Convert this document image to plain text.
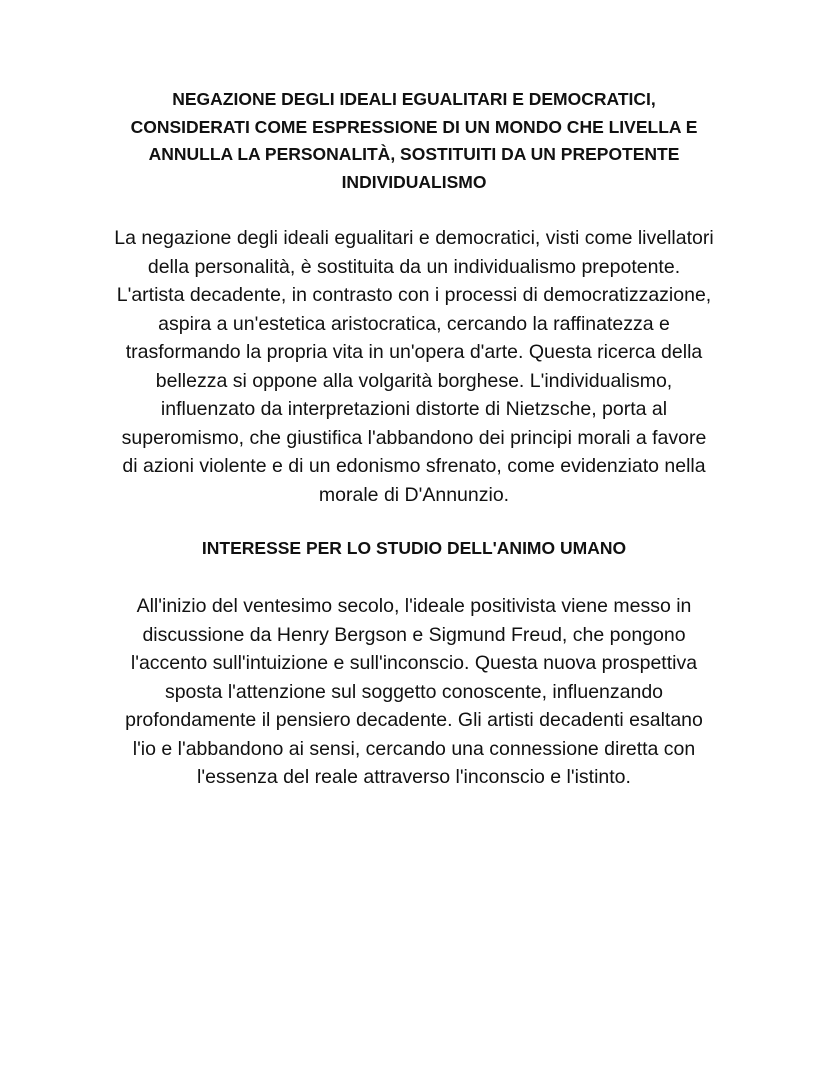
NEGAZIONE DEGLI IDEALI EGUALITARI E DEMOCRATICI,
CONSIDERATI COME ESPRESSIONE DI UN MONDO CHE LIVELLA E
ANNULLA LA PERSONALITÀ, SOSTITUITI DA UN PREPOTENTE
INDIVIDUALISMO
La negazione degli ideali egualitari e democratici, visti come livellatori
della personalità, è sostituita da un individualismo prepotente.
L'artista decadente, in contrasto con i processi di democratizzazione,
aspira a un'estetica aristocratica, cercando la raffinatezza e
trasformando la propria vita in un'opera d'arte. Questa ricerca della
bellezza si oppone alla volgarità borghese. L'individualismo,
influenzato da interpretazioni distorte di Nietzsche, porta al
superomismo, che giustifica l'abbandono dei principi morali a favore
di azioni violente e di un edonismo sfrenato, come evidenziato nella
morale di D'Annunzio.
INTERESSE PER LO STUDIO DELL'ANIMO UMANO
All'inizio del ventesimo secolo, l'ideale positivista viene messo in
discussione da Henry Bergson e Sigmund Freud, che pongono
l'accento sull'intuizione e sull'inconscio. Questa nuova prospettiva
sposta l'attenzione sul soggetto conoscente, influenzando
profondamente il pensiero decadente. Gli artisti decadenti esaltano
l'io e l'abbandono ai sensi, cercando una connessione diretta con
l'essenza del reale attraverso l'inconscio e l'istinto.
